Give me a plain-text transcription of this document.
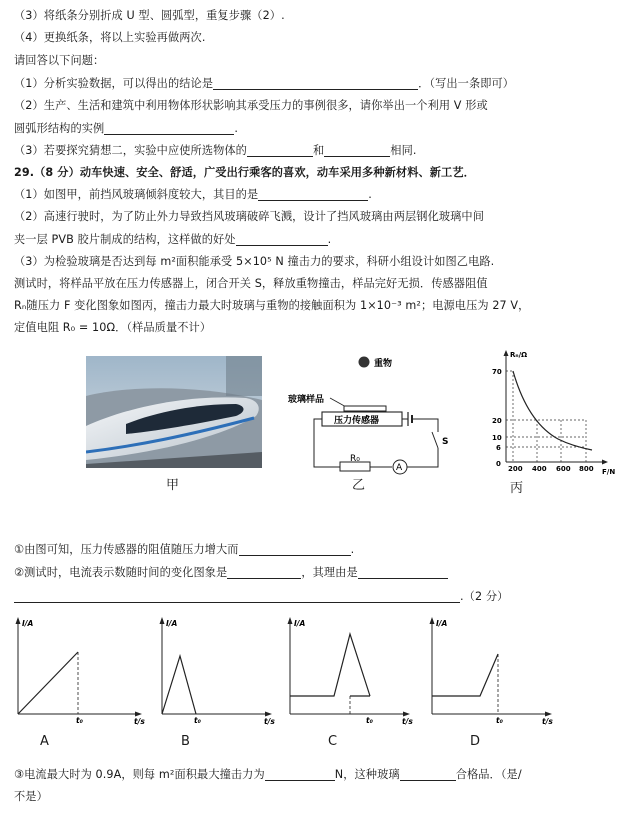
（3）将纸条分别折成 U 型、圆弧型，重复步骤（2）.
（4）更换纸条，将以上实验再做两次.
请回答以下问题：
（1）分析实验数据，可以得出的结论是	．（写出一条即可）
（2）生产、生活和建筑中利用物体形状影响其承受压力的事例很多，请你举出一个利用 V 形或
圆弧形结构的实例	.
（3）若要探究猜想二，实验中应使所选物体的	和	相同.
29.（8 分）动车快速、安全、舒适，广受出行乘客的喜欢，动车采用多种新材料、新工艺．
（1）如图甲，前挡风玻璃倾斜度较大，其目的是	.
（2）高速行驶时，为了防止外力导致挡风玻璃破碎飞溅，设计了挡风玻璃由两层钢化玻璃中间
夹一层 PVB 胶片制成的结构，这样做的好处	.
（3）为检验玻璃是否达到每 m²面积能承受 5×10⁵ N 撞击力的要求，科研小组设计如图乙电路.
测试时，将样品平放在压力传感器上，闭合开关 S，释放重物撞击，样品完好无损．传感器阻值
Rₙ随压力 F 变化图象如图丙，撞击力最大时玻璃与重物的接触面积为 1×10⁻³ m²；电源电压为 27 V，
定值电阻 R₀ = 10Ω．（样品质量不计）
甲
重物
玻璃样品
压力传感器
R₀
A
S
乙
Rₙ/Ω
F/N
70
20
10
6
0
200 400 600 800
丙
①由图可知，压力传感器的阻值随压力增大而	.
②测试时，电流表示数随时间的变化图象是	，其理由是
.（2 分）
I/A
t/s
t₀
I/A
t/s
t₀
I/A
t/s
t₀
I/A
t/s
t₀
A	B	C	D
③电流最大时为 0.9A，则每 m²面积最大撞击力为	N，这种玻璃	合格品．（是/
不是）
